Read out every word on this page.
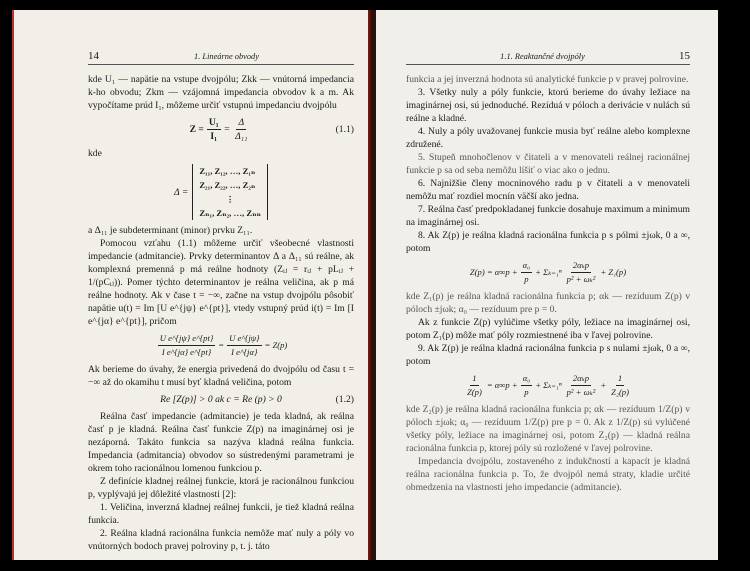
14	1. Lineárne obvody

kde U₁ — napätie na vstupe dvojpólu; Zkk — vnútorná impedancia k-ho obvodu; Zkm — vzájomná impedancia obvodov k a m. Ak vypočítame prúd I₁, môžeme určiť vstupnú impedanciu dvojpólu

$Z = \frac{\text{U₁}}{\text{I₁}} = \frac{\Delta}{\text{Δ₁₁}}$	(1.1)

kde

Δ =
Z₁₁, Z₁₂, …, Z₁ₙ
Z₂₁, Z₂₂, …, Z₂ₙ
⋮
Zₙ₁, Zₙ₂, …, Zₙₙ

a Δ₁₁ je subdeterminant (minor) prvku Z₁₁.

Pomocou vzťahu (1.1) môžeme určiť všeobecné vlastnosti impedancie (admitancie). Prvky determinantov Δ a Δ₁₁ sú reálne, ak komplexná premenná p má reálne hodnoty (Zᵢⱼ = rᵢⱼ + pLᵢⱼ + 1/(pCᵢⱼ)). Pomer týchto determinantov je reálna veličina, ak p má reálne hodnoty. Ak v čase t = −∞, začne na vstup dvojpólu pôsobiť napätie u(t) = Im [U e^{jψ} e^{pt}], vtedy vstupný prúd i(t) = Im [I e^{jα} e^{pt}], pričom

$\frac{\text{U e\textasciicircum{}\{jψ\} e\textasciicircum{}\{pt\}}}{\text{I e\textasciicircum{}\{jα\} e\textasciicircum{}\{pt\}}} = \frac{\text{U e\textasciicircum{}\{jψ\}}}{\text{I e\textasciicircum{}\{jα\}}} = Z(p)$

Ak berieme do úvahy, že energia privedená do dvojpólu od času t = −∞ až do okamihu t musí byť kladná veličina, potom

Re [Z(p)] > 0 ak c = Re (p) > 0	(1.2)

Reálna časť impedancie (admitancie) je teda kladná, ak reálna časť p je kladná. Reálna časť funkcie Z(p) na imaginárnej osi je nezáporná. Takáto funkcia sa nazýva kladná reálna funkcia. Impedancia (admitancia) obvodov so sústredenými parametrami je okrem toho racionálnou lomenou funkciou p.

Z definície kladnej reálnej funkcie, ktorá je racionálnou funkciou p, vyplývajú jej dôležité vlastnosti [2]:

1. Veličina, inverzná kladnej reálnej funkcii, je tiež kladná reálna funkcia.

2. Reálna kladná racionálna funkcia nemôže mať nuly a póly vo vnútorných bodoch pravej polroviny p, t. j. táto

1.1. Reaktančné dvojpóly	15

funkcia a jej inverzná hodnota sú analytické funkcie p v pravej polrovine.

3. Všetky nuly a póly funkcie, ktorú berieme do úvahy ležiace na imaginárnej osi, sú jednoduché. Rezíduá v póloch a derivácie v nulách sú reálne a kladné.

4. Nuly a póly uvažovanej funkcie musia byť reálne alebo komplexne združené.

5. Stupeň mnohočlenov v čitateli a v menovateli reálnej racionálnej funkcie p sa od seba nemôžu líšiť o viac ako o jednu.

6. Najnižšie členy mocninového radu p v čitateli a v menovateli nemôžu mať rozdiel mocnín väčší ako jedna.

7. Reálna časť predpokladanej funkcie dosahuje maximum a minimum na imaginárnej osi.

8. Ak Z(p) je reálna kladná racionálna funkcia p s pólmi ±jωk, 0 a ∞, potom

$Z(p) = \alpha\infty p + \frac{\text{α₀}}{p} + \Sigma_{k=1}^n \frac{\text{2αₖp}}{\text{p² + ωₖ²}} + Z_1(p)$

kde Z₁(p) je reálna kladná racionálna funkcia p; αk — rezíduum Z(p) v póloch ±jωk; α₀ — rezíduum pre p = 0.

Ak z funkcie Z(p) vylúčime všetky póly, ležiace na imaginárnej osi, potom Z₁(p) môže mať póly rozmiestnené iba v ľavej polrovine.

9. Ak Z(p) je reálna kladná racionálna funkcia p s nulami ±jωk, 0 a ∞, potom

$\frac{1}{Z(p)} = \alpha\infty p + \frac{\text{α₀}}{p} + \Sigma_{k=1}^n \frac{\text{2αₖp}}{\text{p² + ωₖ²}} + \frac{1}{\text{Z₂(p)}}$

kde Z₂(p) je reálna kladná racionálna funkcia p; αk — rezíduum 1/Z(p) v póloch ±jωk; α₀ — rezíduum 1/Z(p) pre p = 0. Ak z 1/Z(p) sú vylúčené všetky póly, ležiace na imaginárnej osi, potom Z₂(p) — kladná reálna racionálna funkcia p, ktorej póly sú rozložené v ľavej polrovine.

Impedancia dvojpólu, zostaveného z indukčností a kapacít je kladná reálna racionálna funkcia p. To, že dvojpól nemá straty, kladie určité obmedzenia na vlastnosti jeho impedancie (admitancie).
